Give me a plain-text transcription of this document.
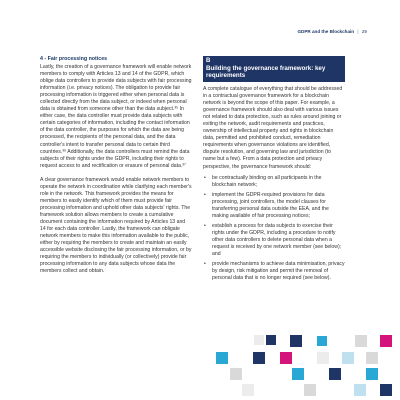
GDPR and the Blockchain | 29
4 - Fair processing notices

Lastly, the creation of a governance framework will enable network members to comply with Articles 13 and 14 of the GDPR, which oblige data controllers to provide data subjects with fair processing information (i.e. privacy notices). The obligation to provide fair processing information is triggered either when personal data is collected directly from the data subject, or indeed when personal data is obtained from someone other than the data subject.³⁵ In either case, the data controller must provide data subjects with certain categories of information, including the contact information of the data controller, the purposes for which the data are being processed, the recipients of the personal data, and the data controller's intent to transfer personal data to certain third countries.³⁶ Additionally, the data controllers must remind the data subjects of their rights under the GDPR, including their rights to request access to and rectification or erasure of personal data.³⁷

A clear governance framework would enable network members to operate the network in coordination while clarifying each member's role in the network. This framework provides the means for members to easily identify which of them must provide fair processing information and uphold other data subjects' rights. The framework solution allows members to create a cumulative document containing the information required by Articles 13 and 14 for each data controller. Lastly, the framework can obligate network members to make this information available to the public, either by requiring the members to create and maintain an easily accessible website disclosing the fair processing information, or by requiring the members to individually (or collectively) provide fair processing information to any data subjects whose data the members collect and obtain.

B
Building the governance framework: key requirements

A complete catalogue of everything that should be addressed in a contractual governance framework for a blockchain network is beyond the scope of this paper. For example, a governance framework should also deal with various issues not related to data protection, such as rules around joining or exiting the network, audit requirements and practices, ownership of intellectual property and rights in blockchain data, permitted and prohibited conduct, remediation requirements when governance violations are identified, dispute resolution, and governing law and jurisdiction (to name but a few). From a data protection and privacy perspective, the governance framework should:

• be contractually binding on all participants in the blockchain network;
• implement the GDPR-required provisions for data processing, joint controllers, the model clauses for transferring personal data outside the EEA, and the making available of fair processing notices;
• establish a process for data subjects to exercise their rights under the GDPR, including a procedure to notify other data controllers to delete personal data when a request is received by one network member (see below); and
• provide mechanisms to achieve data minimisation, privacy by design, risk mitigation and permit the removal of personal data that is no longer required (see below).
